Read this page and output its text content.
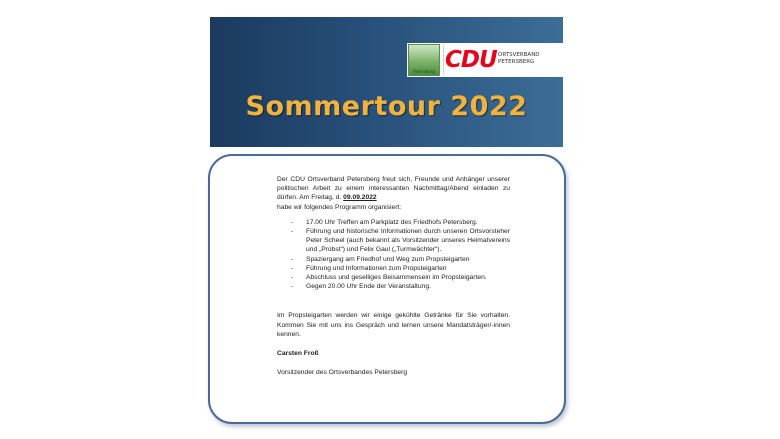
Petersberg CDU ORTSVERBAND
PETERSBERG
Sommertour 2022
Der CDU Ortsverband Petersberg freut sich, Freunde und Anhänger unserer politischen Arbeit zu einem interessanten Nachmittag/Abend einladen zu dürfen. Am Freitag, d. 09.09.2022
habe wir folgendes Programm organisiert:
- 17.00 Uhr Treffen am Parkplatz des Friedhofs Petersberg.
- Führung und historische Informationen durch unseren Ortsvorsteher Peter Scheel (auch bekannt als Vorsitzender unseres Heimatvereins und „Probst“) und Felix Gaul („Turmwächter“).
- Spaziergang am Friedhof und Weg zum Propsteigarten
- Führung und Informationen zum Propsteigarten
- Abschluss und geselliges Beisammensein im Propsteigarten.
- Gegen 20.00 Uhr Ende der Veranstaltung.
Im Propsteigarten werden wir einige gekühlte Getränke für Sie vorhalten. Kommen Sie mit uns ins Gespräch und lernen unsere Mandatsträger/-innen kennen.
Carsten Froß
Vorsitzender des Ortsverbandes Petersberg
